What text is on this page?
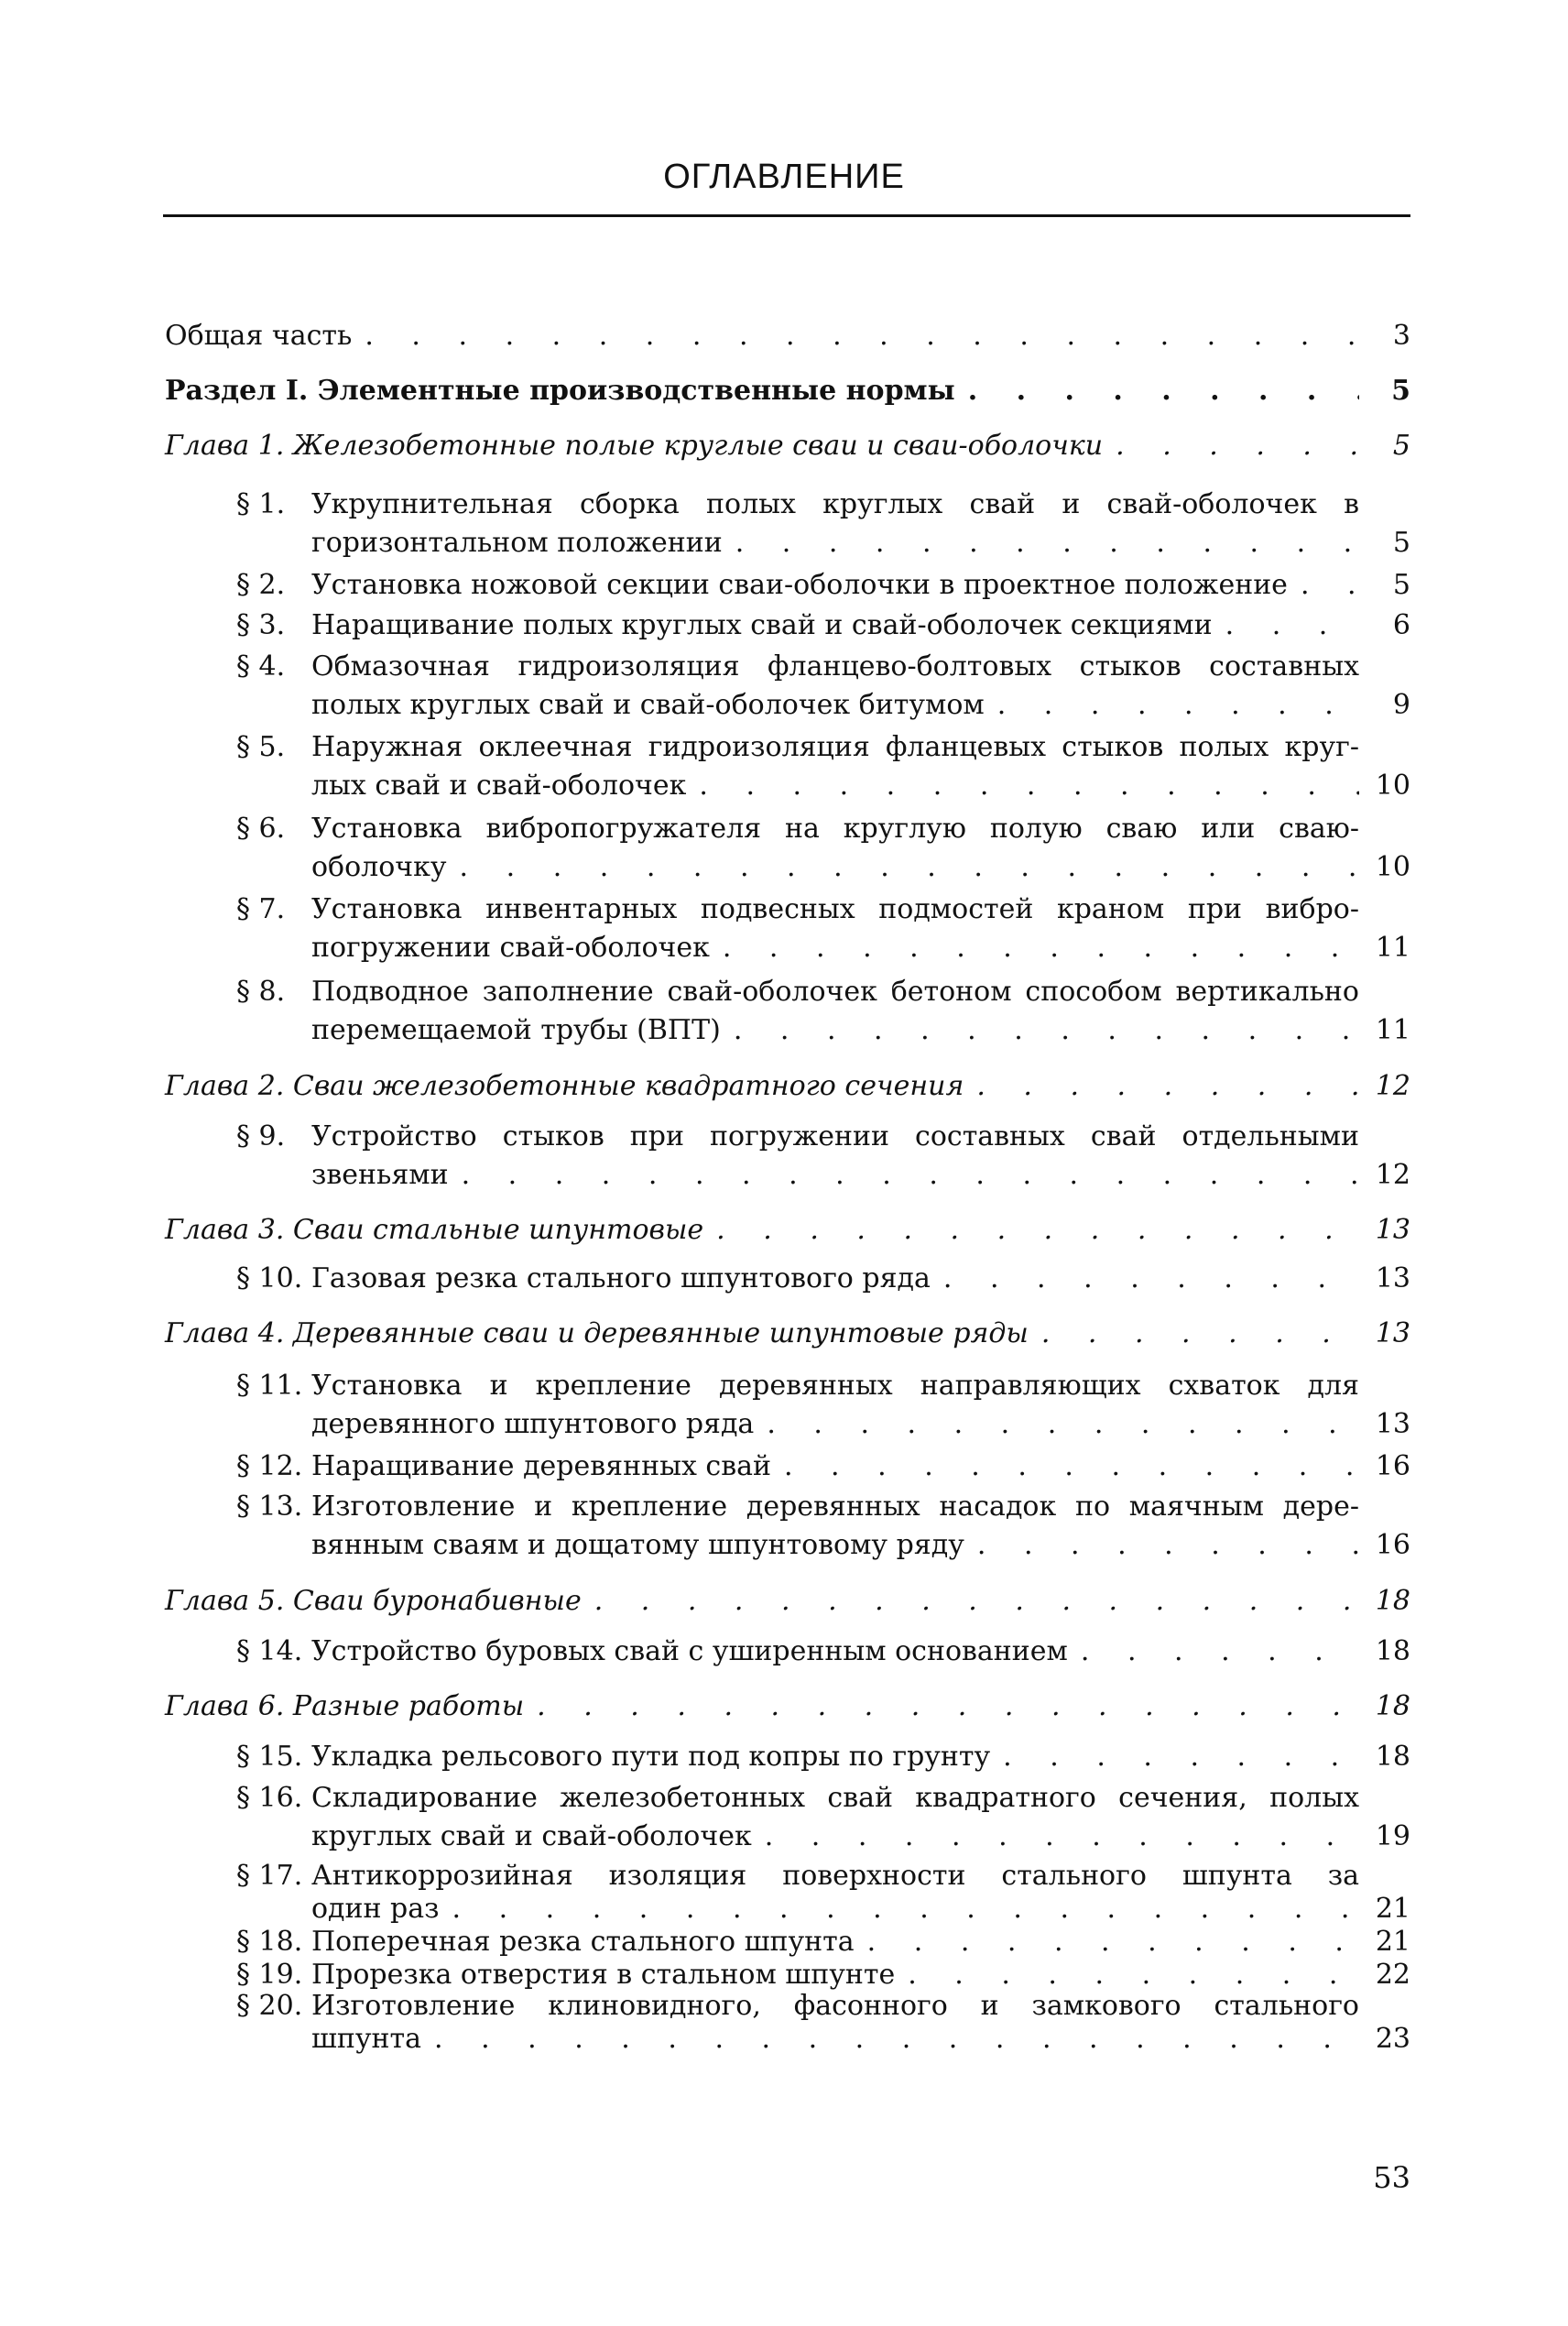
ОГЛАВЛЕНИЕ
Общая часть . . .	3
Раздел I. Элементные производственные нормы . . .	5
Глава 1. Железобетонные полые круглые сваи и сваи-оболочки . . .	5
§ 1. Укрупнительная сборка полых круглых свай и свай-оболочек в
горизонтальном положении . . .	5
§ 2. Установка ножовой секции сваи-оболочки в проектное положение . . .	5
§ 3. Наращивание полых круглых свай и свай-оболочек секциями . . .	6
§ 4. Обмазочная гидроизоляция фланцево-болтовых стыков составных
полых круглых свай и свай-оболочек битумом . . .	9
§ 5. Наружная оклеечная гидроизоляция фланцевых стыков полых круг-
лых свай и свай-оболочек . . .	10
§ 6. Установка вибропогружателя на круглую полую сваю или сваю-
оболочку . . .	10
§ 7. Установка инвентарных подвесных подмостей краном при вибро-
погружении свай-оболочек . . .	11
§ 8. Подводное заполнение свай-оболочек бетоном способом вертикально
перемещаемой трубы (ВПТ) . . .	11
Глава 2. Сваи железобетонные квадратного сечения . . .	12
§ 9. Устройство стыков при погружении составных свай отдельными
звеньями . . .	12
Глава 3. Сваи стальные шпунтовые . . .	13
§ 10. Газовая резка стального шпунтового ряда . . .	13
Глава 4. Деревянные сваи и деревянные шпунтовые ряды . . .	13
§ 11. Установка и крепление деревянных направляющих схваток для
деревянного шпунтового ряда . . .	13
§ 12. Наращивание деревянных свай . . .	16
§ 13. Изготовление и крепление деревянных насадок по маячным дере-
вянным сваям и дощатому шпунтовому ряду . . .	16
Глава 5. Сваи буронабивные . . .	18
§ 14. Устройство буровых свай с уширенным основанием . . .	18
Глава 6. Разные работы . . .	18
§ 15. Укладка рельсового пути под копры по грунту . . .	18
§ 16. Складирование железобетонных свай квадратного сечения, полых
круглых свай и свай-оболочек . . .	19
§ 17. Антикоррозийная изоляция поверхности стального шпунта за
один раз . . .	21
§ 18. Поперечная резка стального шпунта . . .	21
§ 19. Прорезка отверстия в стальном шпунте . . .	22
§ 20. Изготовление клиновидного, фасонного и замкового стального
шпунта . . .	23
53
